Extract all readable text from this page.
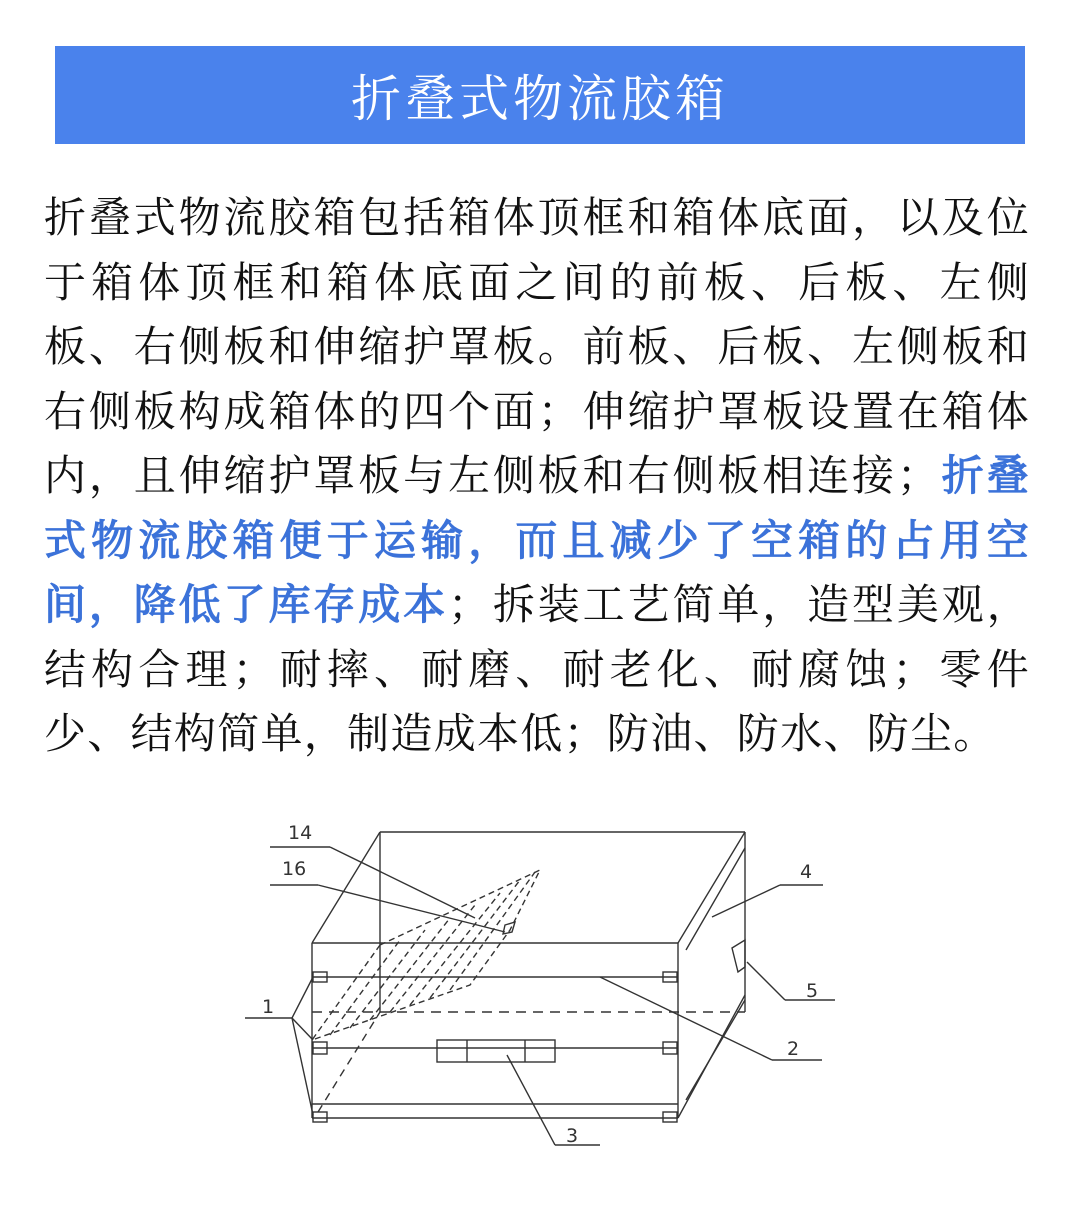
折叠式物流胶箱
折叠式物流胶箱包括箱体顶框和箱体底面，以及位于箱体顶框和箱体底面之间的前板、后板、左侧板、右侧板和伸缩护罩板。前板、后板、左侧板和右侧板构成箱体的四个面；伸缩护罩板设置在箱体内，且伸缩护罩板与左侧板和右侧板相连接；折叠式物流胶箱便于运输，而且减少了空箱的占用空间，降低了库存成本；拆装工艺简单，造型美观，结构合理；耐摔、耐磨、耐老化、耐腐蚀；零件少、结构简单，制造成本低；防油、防水、防尘。
14
16	4
5
1
2
3
